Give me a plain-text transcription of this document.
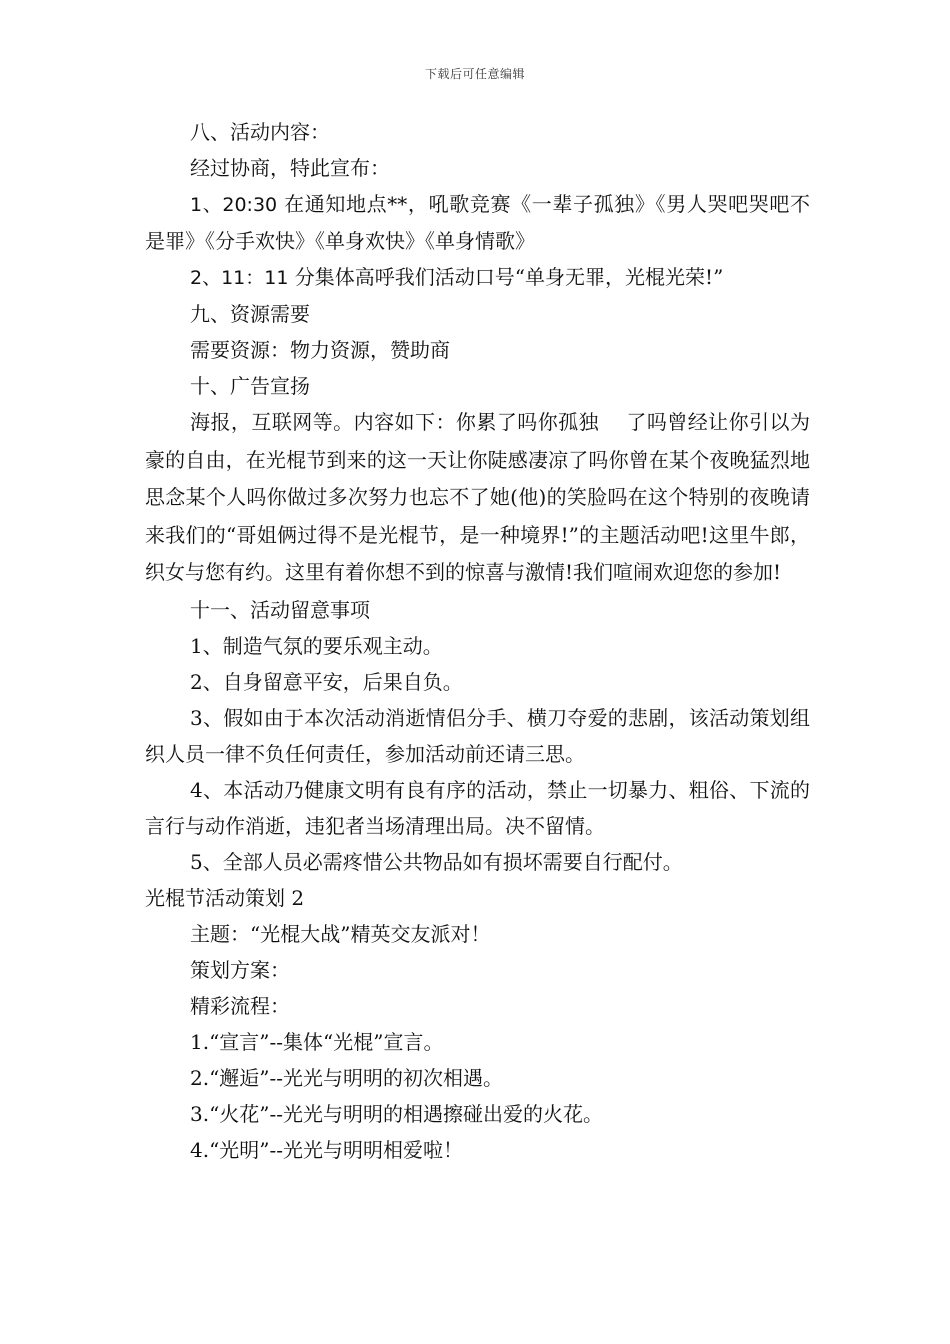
下载后可任意编辑

八、活动内容：

经过协商，特此宣布：

1、20:30 在通知地点**，吼歌竞赛《一辈子孤独》《男人哭吧哭吧不是罪》《分手欢快》《单身欢快》《单身情歌》

2、11：11 分集体高呼我们活动口号“单身无罪，光棍光荣!”

九、资源需要

需要资源：物力资源，赞助商

十、广告宣扬

海报，互联网等。内容如下：你累了吗你孤独　 了吗曾经让你引以为豪的自由，在光棍节到来的这一天让你陡感凄凉了吗你曾在某个夜晚猛烈地思念某个人吗你做过多次努力也忘不了她(他)的笑脸吗在这个特别的夜晚请来我们的“哥姐俩过得不是光棍节，是一种境界!”的主题活动吧!这里牛郎，织女与您有约。这里有着你想不到的惊喜与激情!我们喧闹欢迎您的参加!

十一、活动留意事项

1、制造气氛的要乐观主动。

2、自身留意平安，后果自负。

3、假如由于本次活动消逝情侣分手、横刀夺爱的悲剧，该活动策划组织人员一律不负任何责任，参加活动前还请三思。

4、本活动乃健康文明有良有序的活动，禁止一切暴力、粗俗、下流的言行与动作消逝，违犯者当场清理出局。决不留情。

5、全部人员必需疼惜公共物品如有损坏需要自行配付。

光棍节活动策划 2

主题：“光棍大战”精英交友派对！

策划方案：

精彩流程：

1.“宣言”--集体“光棍”宣言。

2.“邂逅”--光光与明明的初次相遇。

3.“火花”--光光与明明的相遇擦碰出爱的火花。

4.“光明”--光光与明明相爱啦！
